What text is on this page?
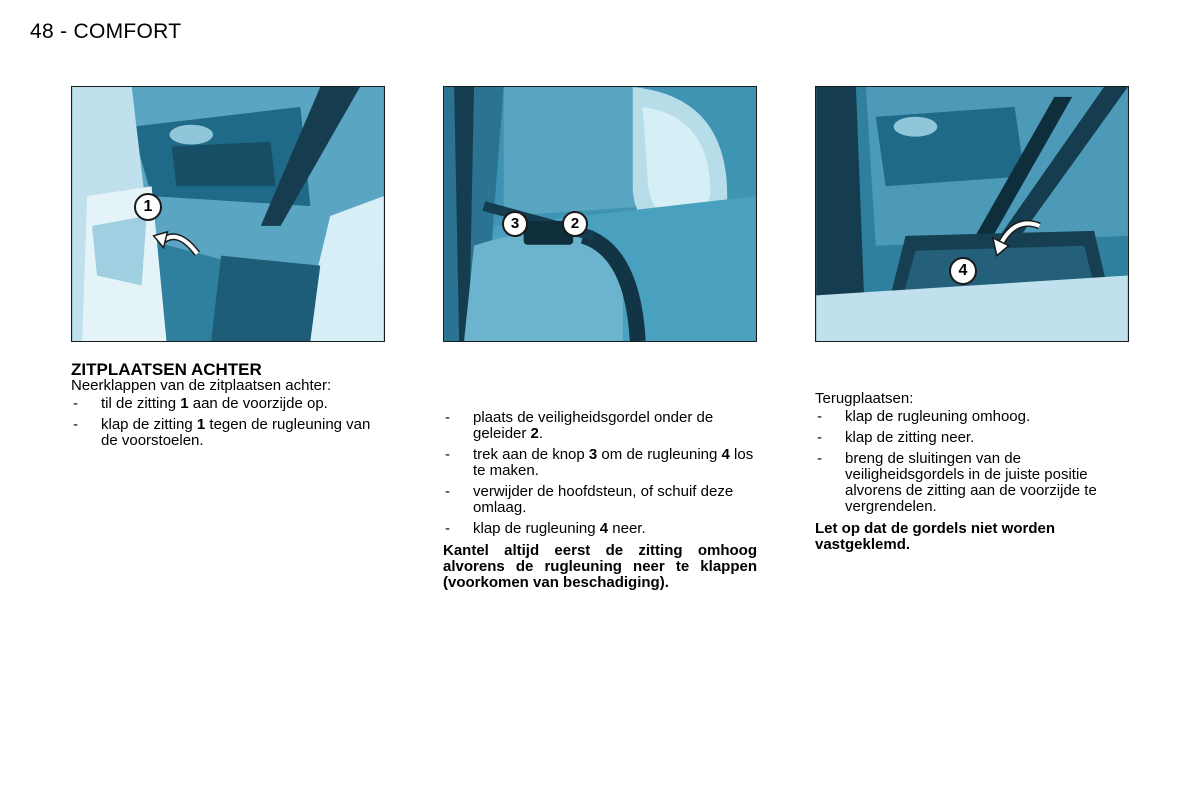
48 - COMFORT
1
3	2
4

ZITPLAATSEN ACHTER

Neerklappen van de zitplaatsen achter:

- til de zitting 1 aan de voorzijde op.
- klap de zitting 1 tegen de rugleuning van de voorstoelen.
- plaats de veiligheidsgordel onder de geleider 2.
- trek aan de knop 3 om de rugleuning 4 los te maken.
- verwijder de hoofdsteun, of schuif deze omlaag.
- klap de rugleuning 4 neer.

Kantel altijd eerst de zitting omhoog alvorens de rugleuning neer te klappen (voorkomen van beschadiging).

Terugplaatsen:

- klap de rugleuning omhoog.
- klap de zitting neer.
- breng de sluitingen van de veiligheidsgordels in de juiste positie alvorens de zitting aan de voorzijde te vergrendelen.

Let op dat de gordels niet worden vastgeklemd.
